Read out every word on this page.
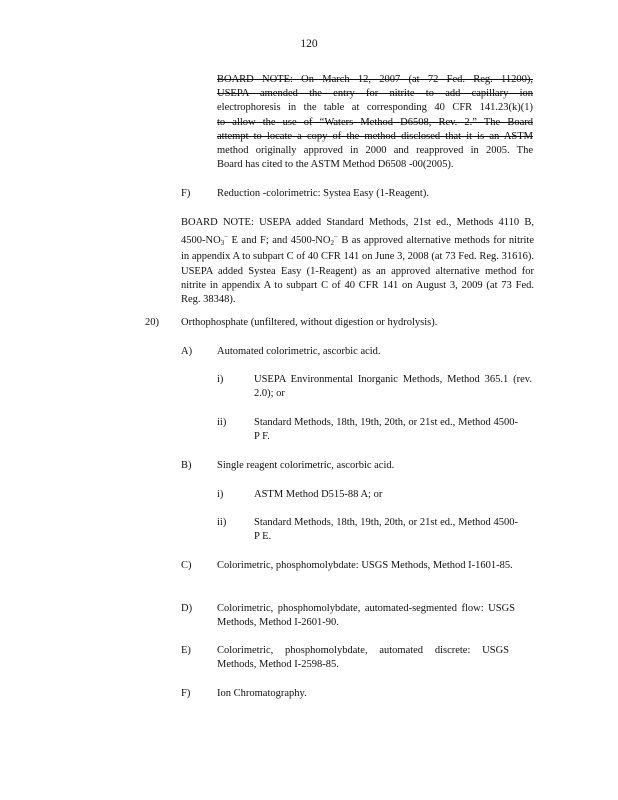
120
BOARD NOTE: On March 12, 2007 (at 72 Fed. Reg. 11200),
USEPA amended the entry for nitrite to add capillary ion
electrophoresis in the table at corresponding 40 CFR 141.23(k)(1)
to allow the use of “Waters Method D6508, Rev. 2.” The Board
attempt to locate a copy of the method disclosed that it is an ASTM
method originally approved in 2000 and reapproved in 2005. The
Board has cited to the ASTM Method D6508 -00(2005).
F)	Reduction -colorimetric: Systea Easy (1-Reagent).
BOARD NOTE: USEPA added Standard Methods, 21st ed., Methods 4110 B, $4500-NO_3^-$ E and F; and $4500-NO_2^-$ B as approved alternative methods for nitrite in appendix A to subpart C of 40 CFR 141 on June 3, 2008 (at 73 Fed. Reg. 31616). USEPA added Systea Easy (1-Reagent) as an approved alternative method for nitrite in appendix A to subpart C of 40 CFR 141 on August 3, 2009 (at 73 Fed. Reg. 38348).
20) Orthophosphate (unfiltered, without digestion or hydrolysis).
A) Automated colorimetric, ascorbic acid.
i)	USEPA Environmental Inorganic Methods, Method 365.1 (rev. 2.0); or
ii)	Standard Methods, 18th, 19th, 20th, or 21st ed., Method 4500-P F.
B) Single reagent colorimetric, ascorbic acid.
i)	ASTM Method D515-88 A; or
ii)	Standard Methods, 18th, 19th, 20th, or 21st ed., Method 4500-P E.
C) Colorimetric, phosphomolybdate: USGS Methods, Method I-1601-85.
D) Colorimetric, phosphomolybdate, automated-segmented flow: USGS Methods, Method I-2601-90.
E) Colorimetric, phosphomolybdate, automated discrete: USGS Methods, Method I-2598-85.
F)	Ion Chromatography.
